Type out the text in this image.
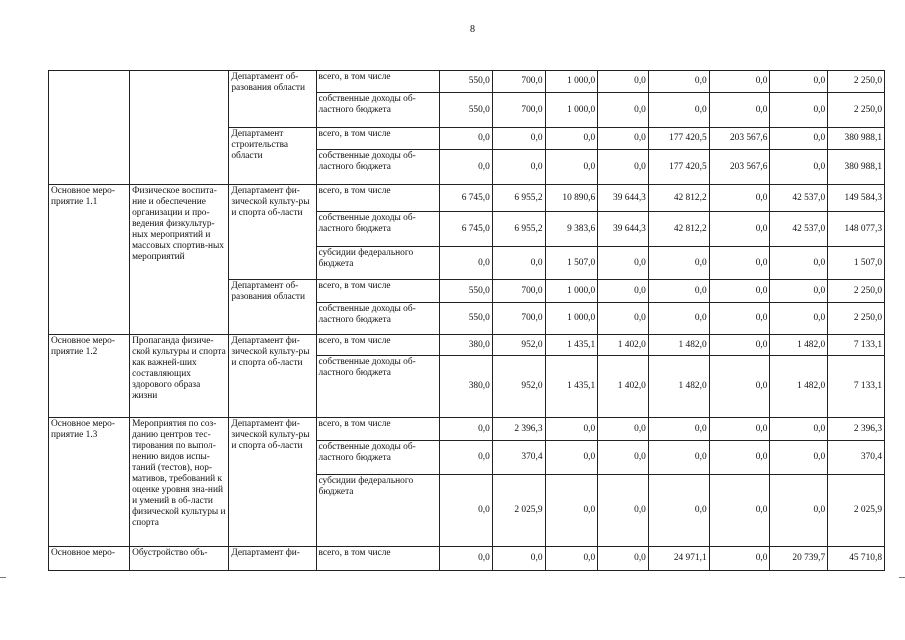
8
		Департамент об-разования области	всего, в том числе	550,0	700,0	1 000,0	0,0	0,0	0,0	0,0	2 250,0
			собственные доходы об-ластного бюджета	550,0	700,0	1 000,0	0,0	0,0	0,0	0,0	2 250,0
		Департамент строительства области	всего, в том числе	0,0	0,0	0,0	0,0	177 420,5	203 567,6	0,0	380 988,1
			собственные доходы об-ластного бюджета	0,0	0,0	0,0	0,0	177 420,5	203 567,6	0,0	380 988,1
Основное меро-приятие 1.1	Физическое воспита-ние и обеспечение организации и про-ведения физкультур-ных мероприятий и массовых спортив-ных мероприятий	Департамент фи-зической культу-ры и спорта об-ласти	всего, в том числе	6 745,0	6 955,2	10 890,6	39 644,3	42 812,2	0,0	42 537,0	149 584,3
			собственные доходы об-ластного бюджета	6 745,0	6 955,2	9 383,6	39 644,3	42 812,2	0,0	42 537,0	148 077,3
			субсидии федерального бюджета	0,0	0,0	1 507,0	0,0	0,0	0,0	0,0	1 507,0
		Департамент об-разования области	всего, в том числе	550,0	700,0	1 000,0	0,0	0,0	0,0	0,0	2 250,0
			собственные доходы об-ластного бюджета	550,0	700,0	1 000,0	0,0	0,0	0,0	0,0	2 250,0
Основное меро-приятие 1.2	Пропаганда физиче-ской культуры и спорта как важней-ших составляющих здорового образа жизни	Департамент фи-зической культу-ры и спорта об-ласти	всего, в том числе	380,0	952,0	1 435,1	1 402,0	1 482,0	0,0	1 482,0	7 133,1
			собственные доходы об-ластного бюджета	380,0	952,0	1 435,1	1 402,0	1 482,0	0,0	1 482,0	7 133,1
Основное меро-приятие 1.3	Мероприятия по соз-данию центров тес-тирования по выпол-нению видов испы-таний (тестов), нор-мативов, требований к оценке уровня зна-ний и умений в об-ласти физической культуры и спорта	Департамент фи-зической культу-ры и спорта об-ласти	всего, в том числе	0,0	2 396,3	0,0	0,0	0,0	0,0	0,0	2 396,3
			собственные доходы об-ластного бюджета	0,0	370,4	0,0	0,0	0,0	0,0	0,0	370,4
			субсидии федерального бюджета	0,0	2 025,9	0,0	0,0	0,0	0,0	0,0	2 025,9
Основное меро-	Обустройство объ-	Департамент фи-	всего, в том числе	0,0	0,0	0,0	0,0	24 971,1	0,0	20 739,7	45 710,8
